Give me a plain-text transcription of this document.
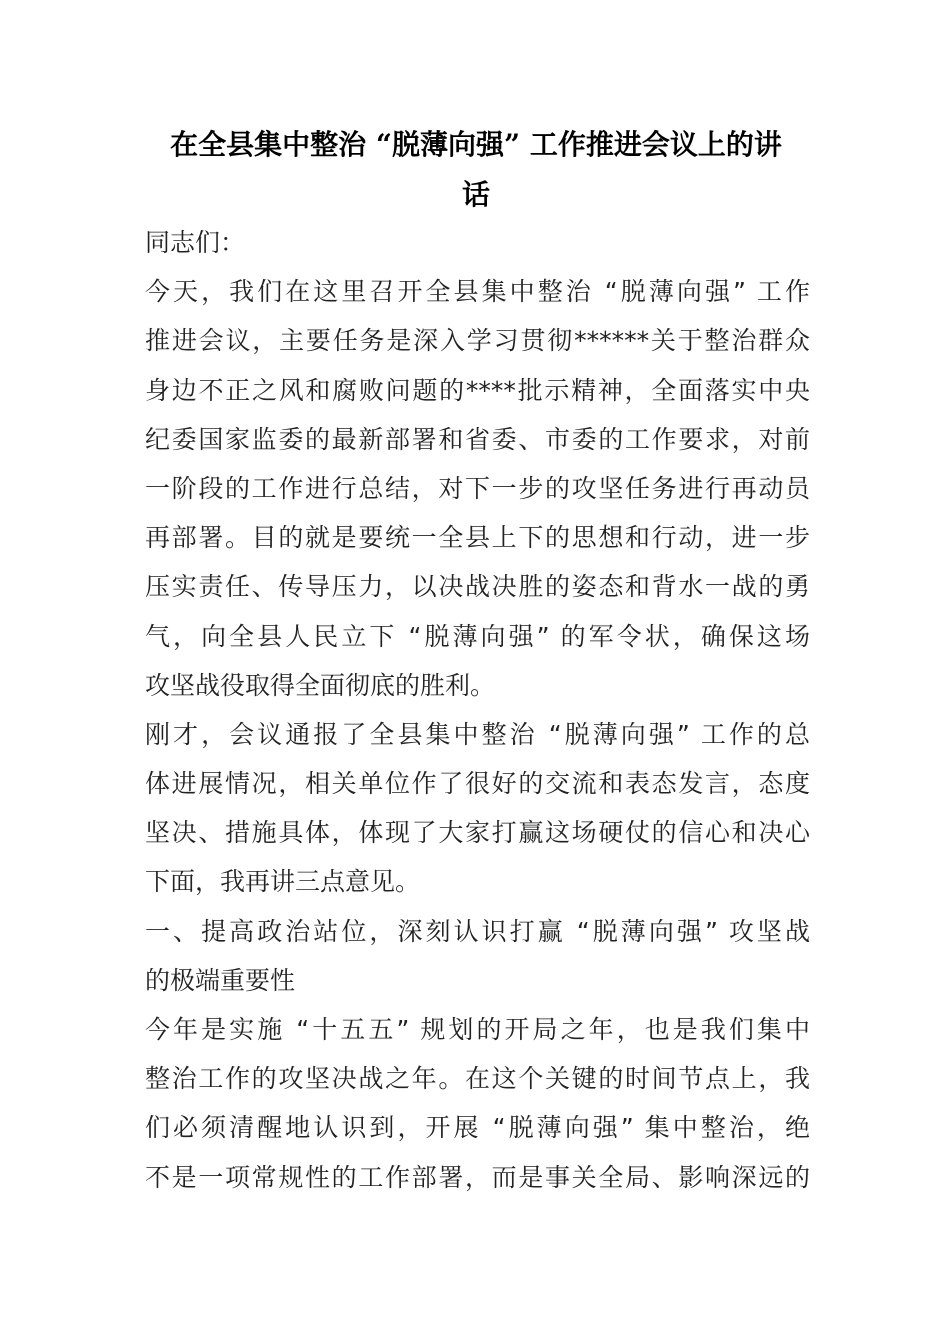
在全县集中整治 “脱薄向强” 工作推进会议上的讲
话
同志们：
今天，我们在这里召开全县集中整治 “脱薄向强” 工作
推进会议，主要任务是深入学习贯彻******关于整治群众
身边不正之风和腐败问题的****批示精神，全面落实中央
纪委国家监委的最新部署和省委、市委的工作要求，对前
一阶段的工作进行总结，对下一步的攻坚任务进行再动员
再部署。目的就是要统一全县上下的思想和行动，进一步
压实责任、传导压力，以决战决胜的姿态和背水一战的勇
气，向全县人民立下 “脱薄向强” 的军令状，确保这场
攻坚战役取得全面彻底的胜利。
刚才，会议通报了全县集中整治 “脱薄向强” 工作的总
体进展情况，相关单位作了很好的交流和表态发言，态度
坚决、措施具体，体现了大家打赢这场硬仗的信心和决心
下面，我再讲三点意见。
一、提高政治站位，深刻认识打赢 “脱薄向强” 攻坚战
的极端重要性
今年是实施 “十五五” 规划的开局之年，也是我们集中
整治工作的攻坚决战之年。在这个关键的时间节点上，我
们必须清醒地认识到，开展 “脱薄向强” 集中整治，绝
不是一项常规性的工作部署，而是事关全局、影响深远的
